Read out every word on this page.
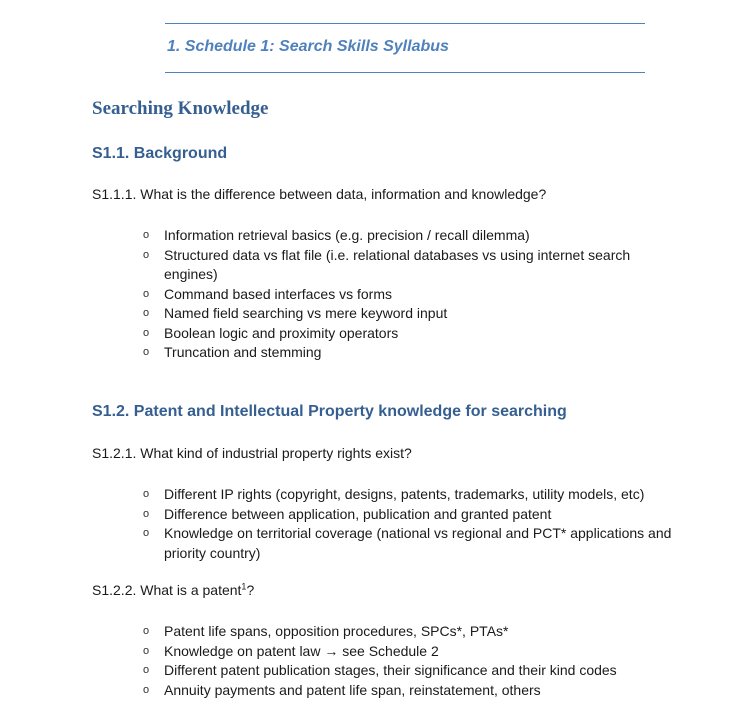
1. Schedule 1: Search Skills Syllabus
Searching Knowledge
S1.1. Background
S1.1.1. What is the difference between data, information and knowledge?
o Information retrieval basics (e.g. precision / recall dilemma)
o Structured data vs flat file (i.e. relational databases vs using internet search engines)
o Command based interfaces vs forms
o Named field searching vs mere keyword input
o Boolean logic and proximity operators
o Truncation and stemming
S1.2. Patent and Intellectual Property knowledge for searching
S1.2.1. What kind of industrial property rights exist?
o Different IP rights (copyright, designs, patents, trademarks, utility models, etc)
o Difference between application, publication and granted patent
o Knowledge on territorial coverage (national vs regional and PCT* applications and priority country)
S1.2.2. What is a patent$^1$?
o Patent life spans, opposition procedures, SPCs*, PTAs*
o Knowledge on patent law → see Schedule 2
o Different patent publication stages, their significance and their kind codes
o Annuity payments and patent life span, reinstatement, others
